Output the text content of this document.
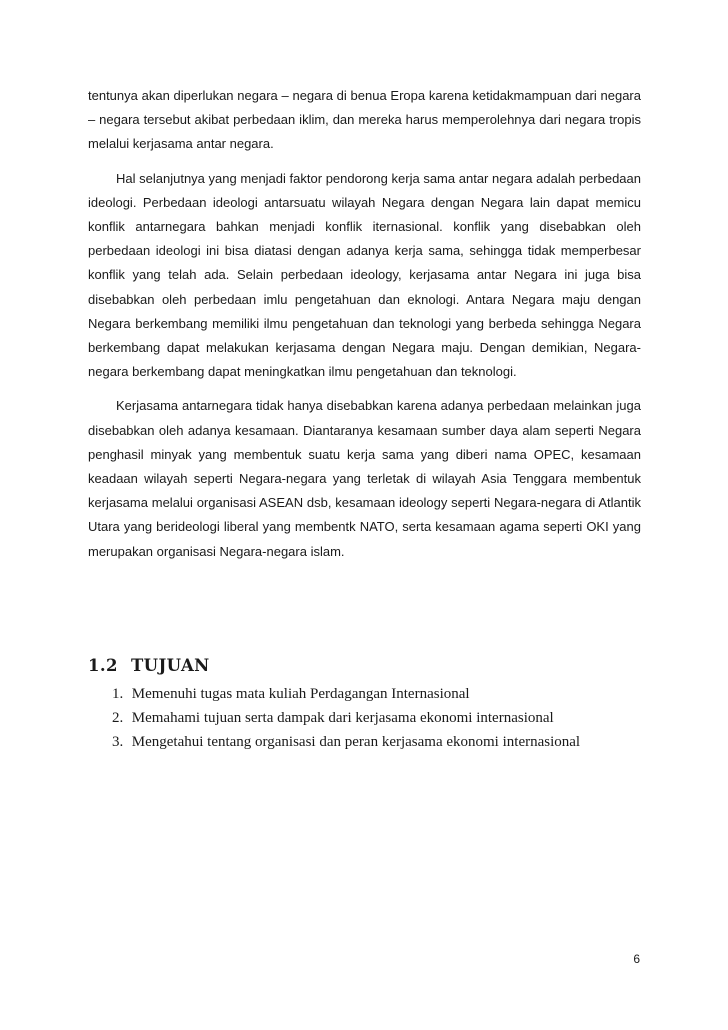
tentunya akan diperlukan negara – negara di benua Eropa karena ketidakmampuan dari negara – negara tersebut akibat perbedaan iklim, dan mereka harus memperolehnya dari negara tropis melalui kerjasama antar negara.

Hal selanjutnya yang menjadi faktor pendorong kerja sama antar negara adalah perbedaan ideologi. Perbedaan ideologi antarsuatu wilayah Negara dengan Negara lain dapat memicu konflik antarnegara bahkan menjadi konflik iternasional. konflik yang disebabkan oleh perbedaan ideologi ini bisa diatasi dengan adanya kerja sama, sehingga tidak memperbesar konflik yang telah ada. Selain perbedaan ideology, kerjasama antar Negara ini juga bisa disebabkan oleh perbedaan imlu pengetahuan dan eknologi. Antara Negara maju dengan Negara berkembang memiliki ilmu pengetahuan dan teknologi yang berbeda sehingga Negara berkembang dapat melakukan kerjasama dengan Negara maju. Dengan demikian, Negara-negara berkembang dapat meningkatkan ilmu pengetahuan dan teknologi.

Kerjasama antarnegara tidak hanya disebabkan karena adanya perbedaan melainkan juga disebabkan oleh adanya kesamaan. Diantaranya kesamaan sumber daya alam seperti Negara penghasil minyak yang membentuk suatu kerja sama yang diberi nama OPEC, kesamaan keadaan wilayah seperti Negara-negara yang terletak di wilayah Asia Tenggara membentuk kerjasama melalui organisasi ASEAN dsb, kesamaan ideology seperti Negara-negara di Atlantik Utara yang berideologi liberal yang membentk NATO, serta kesamaan agama seperti OKI yang merupakan organisasi Negara-negara islam.

1.2 TUJUAN
1. Memenuhi tugas mata kuliah Perdagangan Internasional
2. Memahami tujuan serta dampak dari kerjasama ekonomi internasional
3. Mengetahui tentang organisasi dan peran kerjasama ekonomi internasional
6
